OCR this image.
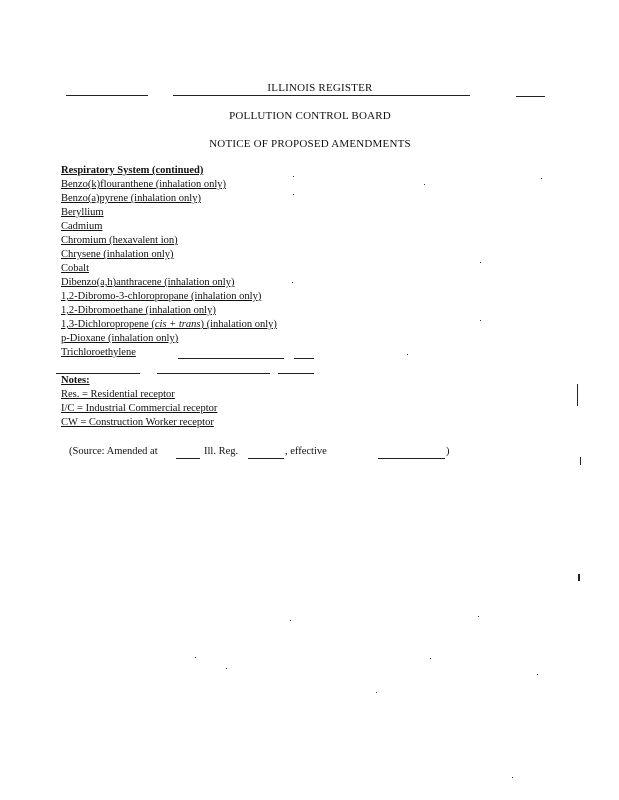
ILLINOIS REGISTER
POLLUTION CONTROL BOARD
NOTICE OF PROPOSED AMENDMENTS
Respiratory System (continued)
Benzo(k)flouranthene (inhalation only)
Benzo(a)pyrene (inhalation only)
Beryllium
Cadmium
Chromium (hexavalent ion)
Chrysene (inhalation only)
Cobalt
Dibenzo(a,h)anthracene (inhalation only)
1,2-Dibromo-3-chloropropane (inhalation only)
1,2-Dibromoethane (inhalation only)
1,3-Dichloropropene (cis + trans) (inhalation only)
p-Dioxane (inhalation only)
Trichloroethylene
Notes:
Res. = Residential receptor
I/C = Industrial Commercial receptor
CW = Construction Worker receptor
(Source: Amended at	Ill. Reg.	, effective	)
